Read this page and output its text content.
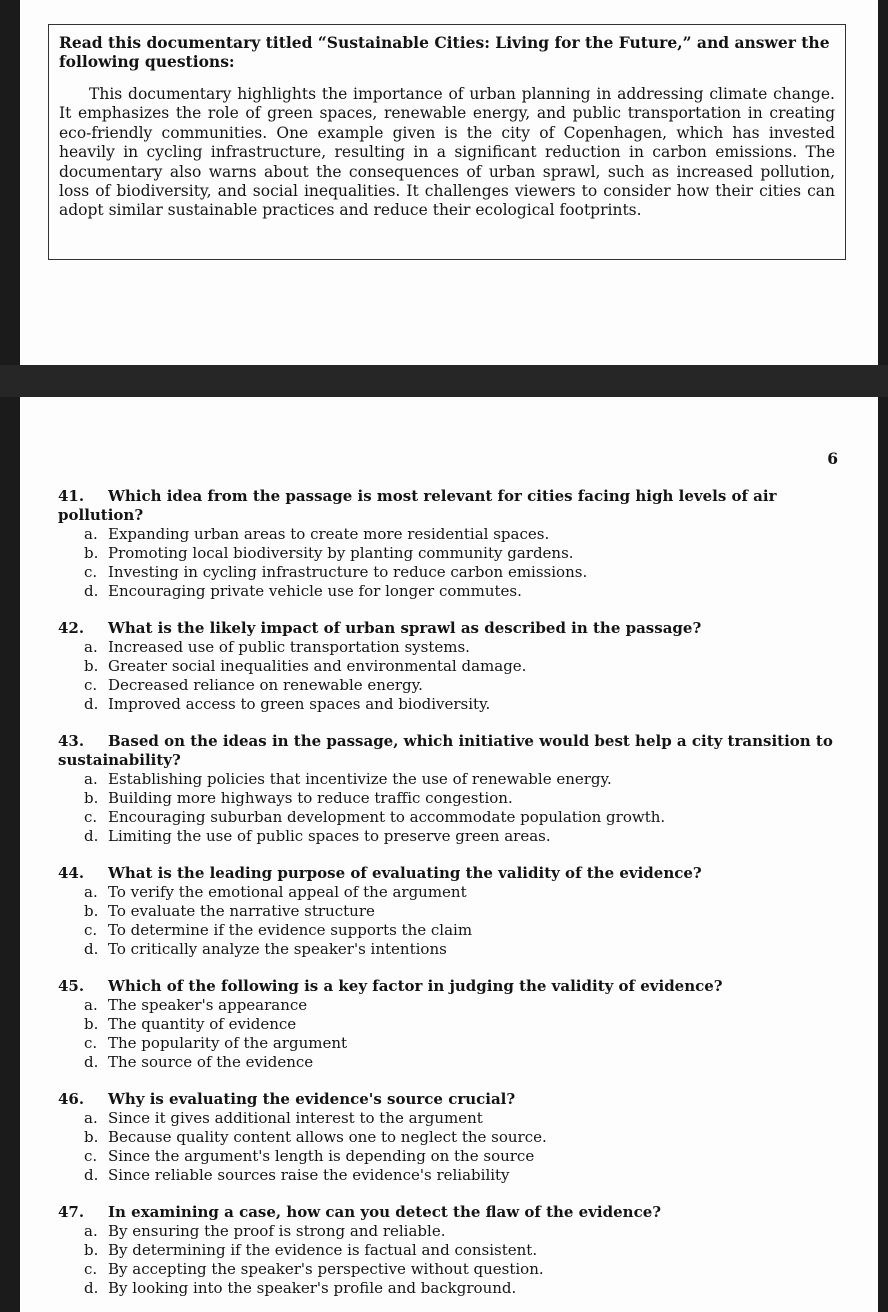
Read this documentary titled “Sustainable Cities: Living for the Future,” and answer the following questions:

This documentary highlights the importance of urban planning in addressing climate change. It emphasizes the role of green spaces, renewable energy, and public transportation in creating eco-friendly communities. One example given is the city of Copenhagen, which has invested heavily in cycling infrastructure, resulting in a significant reduction in carbon emissions. The documentary also warns about the consequences of urban sprawl, such as increased pollution, loss of biodiversity, and social inequalities. It challenges viewers to consider how their cities can adopt similar sustainable practices and reduce their ecological footprints.

6

41. Which idea from the passage is most relevant for cities facing high levels of air pollution?

a. Expanding urban areas to create more residential spaces.
b. Promoting local biodiversity by planting community gardens.
c. Investing in cycling infrastructure to reduce carbon emissions.
d. Encouraging private vehicle use for longer commutes.

42. What is the likely impact of urban sprawl as described in the passage?

a. Increased use of public transportation systems.
b. Greater social inequalities and environmental damage.
c. Decreased reliance on renewable energy.
d. Improved access to green spaces and biodiversity.

43. Based on the ideas in the passage, which initiative would best help a city transition to sustainability?

a. Establishing policies that incentivize the use of renewable energy.
b. Building more highways to reduce traffic congestion.
c. Encouraging suburban development to accommodate population growth.
d. Limiting the use of public spaces to preserve green areas.

44. What is the leading purpose of evaluating the validity of the evidence?

a. To verify the emotional appeal of the argument
b. To evaluate the narrative structure
c. To determine if the evidence supports the claim
d. To critically analyze the speaker's intentions

45. Which of the following is a key factor in judging the validity of evidence?

a. The speaker's appearance
b. The quantity of evidence
c. The popularity of the argument
d. The source of the evidence

46. Why is evaluating the evidence's source crucial?

a. Since it gives additional interest to the argument
b. Because quality content allows one to neglect the source.
c. Since the argument's length is depending on the source
d. Since reliable sources raise the evidence's reliability

47. In examining a case, how can you detect the flaw of the evidence?

a. By ensuring the proof is strong and reliable.
b. By determining if the evidence is factual and consistent.
c. By accepting the speaker's perspective without question.
d. By looking into the speaker's profile and background.
